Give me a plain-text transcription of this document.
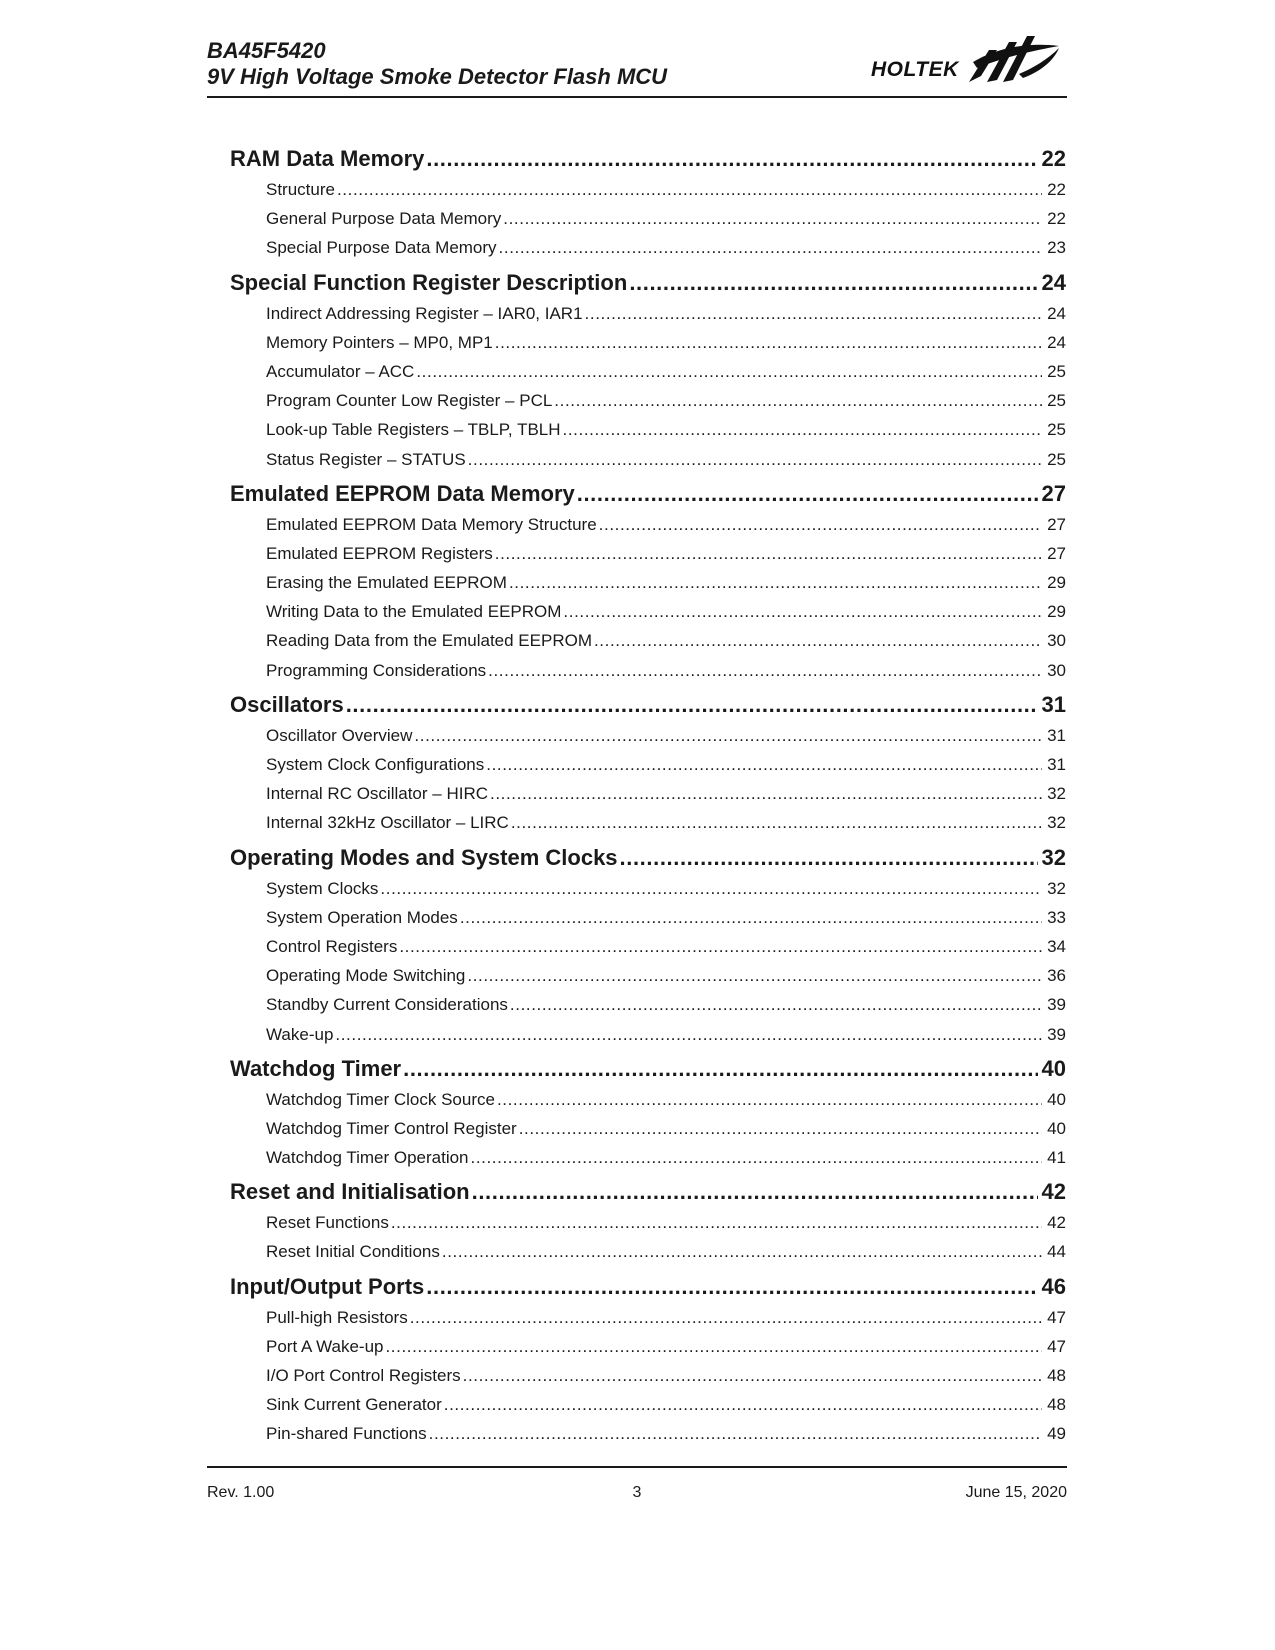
BA45F5420
9V High Voltage Smoke Detector Flash MCU	HOLTEK
RAM Data Memory .....	22
Structure .....	22
General Purpose Data Memory .....	22
Special Purpose Data Memory .....	23
Special Function Register Description .....	24
Indirect Addressing Register – IAR0, IAR1 .....	24
Memory Pointers – MP0, MP1 .....	24
Accumulator – ACC .....	25
Program Counter Low Register – PCL .....	25
Look-up Table Registers – TBLP, TBLH .....	25
Status Register – STATUS .....	25
Emulated EEPROM Data Memory .....	27
Emulated EEPROM Data Memory Structure .....	27
Emulated EEPROM Registers .....	27
Erasing the Emulated EEPROM .....	29
Writing Data to the Emulated EEPROM .....	29
Reading Data from the Emulated EEPROM .....	30
Programming Considerations .....	30
Oscillators .....	31
Oscillator Overview .....	31
System Clock Configurations .....	31
Internal RC Oscillator – HIRC .....	32
Internal 32kHz Oscillator – LIRC .....	32
Operating Modes and System Clocks .....	32
System Clocks .....	32
System Operation Modes .....	33
Control Registers .....	34
Operating Mode Switching .....	36
Standby Current Considerations .....	39
Wake-up .....	39
Watchdog Timer .....	40
Watchdog Timer Clock Source .....	40
Watchdog Timer Control Register .....	40
Watchdog Timer Operation .....	41
Reset and Initialisation .....	42
Reset Functions .....	42
Reset Initial Conditions .....	44
Input/Output Ports .....	46
Pull-high Resistors .....	47
Port A Wake-up .....	47
I/O Port Control Registers .....	48
Sink Current Generator .....	48
Pin-shared Functions .....	49
Rev. 1.00	3	June 15, 2020
